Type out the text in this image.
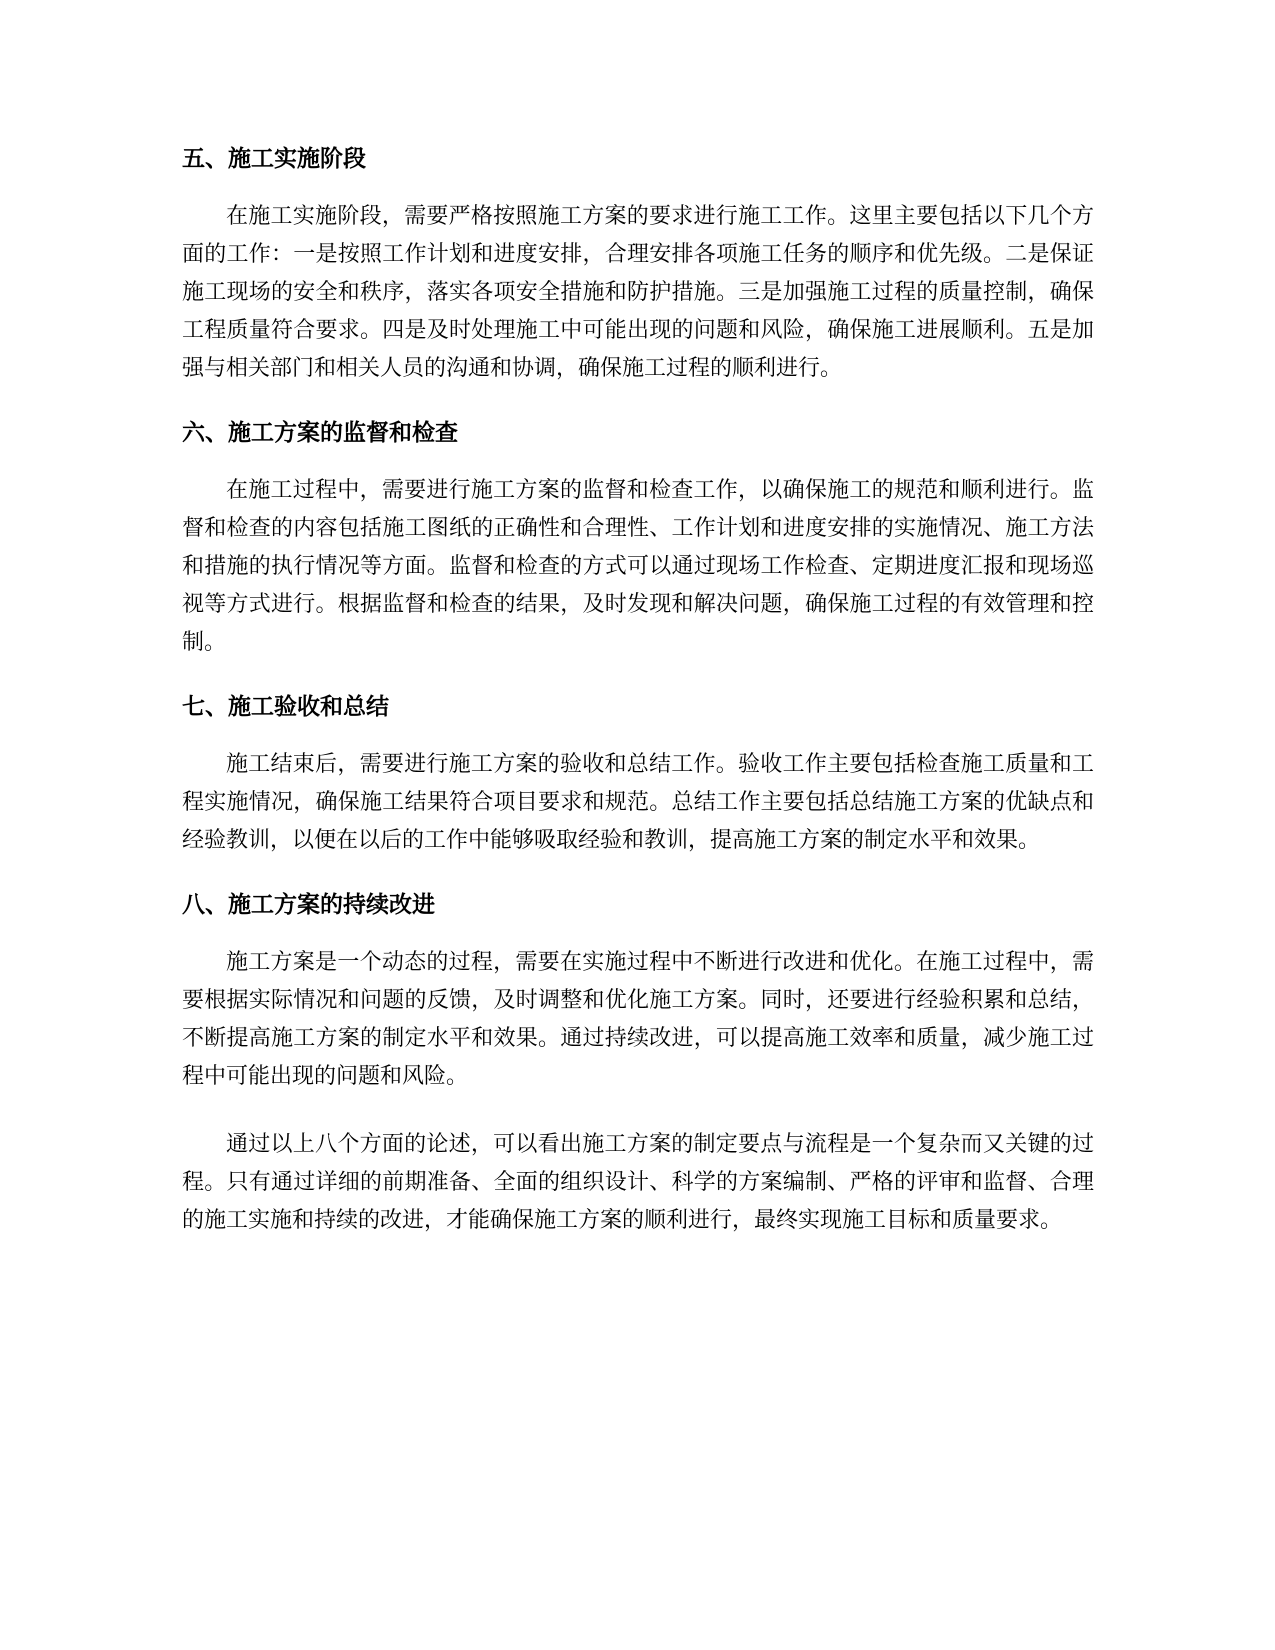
五、施工实施阶段

在施工实施阶段，需要严格按照施工方案的要求进行施工工作。这里主要包括以下几个方面的工作：一是按照工作计划和进度安排，合理安排各项施工任务的顺序和优先级。二是保证施工现场的安全和秩序，落实各项安全措施和防护措施。三是加强施工过程的质量控制，确保工程质量符合要求。四是及时处理施工中可能出现的问题和风险，确保施工进展顺利。五是加强与相关部门和相关人员的沟通和协调，确保施工过程的顺利进行。

六、施工方案的监督和检查

在施工过程中，需要进行施工方案的监督和检查工作，以确保施工的规范和顺利进行。监督和检查的内容包括施工图纸的正确性和合理性、工作计划和进度安排的实施情况、施工方法和措施的执行情况等方面。监督和检查的方式可以通过现场工作检查、定期进度汇报和现场巡视等方式进行。根据监督和检查的结果，及时发现和解决问题，确保施工过程的有效管理和控制。

七、施工验收和总结

施工结束后，需要进行施工方案的验收和总结工作。验收工作主要包括检查施工质量和工程实施情况，确保施工结果符合项目要求和规范。总结工作主要包括总结施工方案的优缺点和经验教训，以便在以后的工作中能够吸取经验和教训，提高施工方案的制定水平和效果。

八、施工方案的持续改进

施工方案是一个动态的过程，需要在实施过程中不断进行改进和优化。在施工过程中，需要根据实际情况和问题的反馈，及时调整和优化施工方案。同时，还要进行经验积累和总结，不断提高施工方案的制定水平和效果。通过持续改进，可以提高施工效率和质量，减少施工过程中可能出现的问题和风险。

通过以上八个方面的论述，可以看出施工方案的制定要点与流程是一个复杂而又关键的过程。只有通过详细的前期准备、全面的组织设计、科学的方案编制、严格的评审和监督、合理的施工实施和持续的改进，才能确保施工方案的顺利进行，最终实现施工目标和质量要求。
